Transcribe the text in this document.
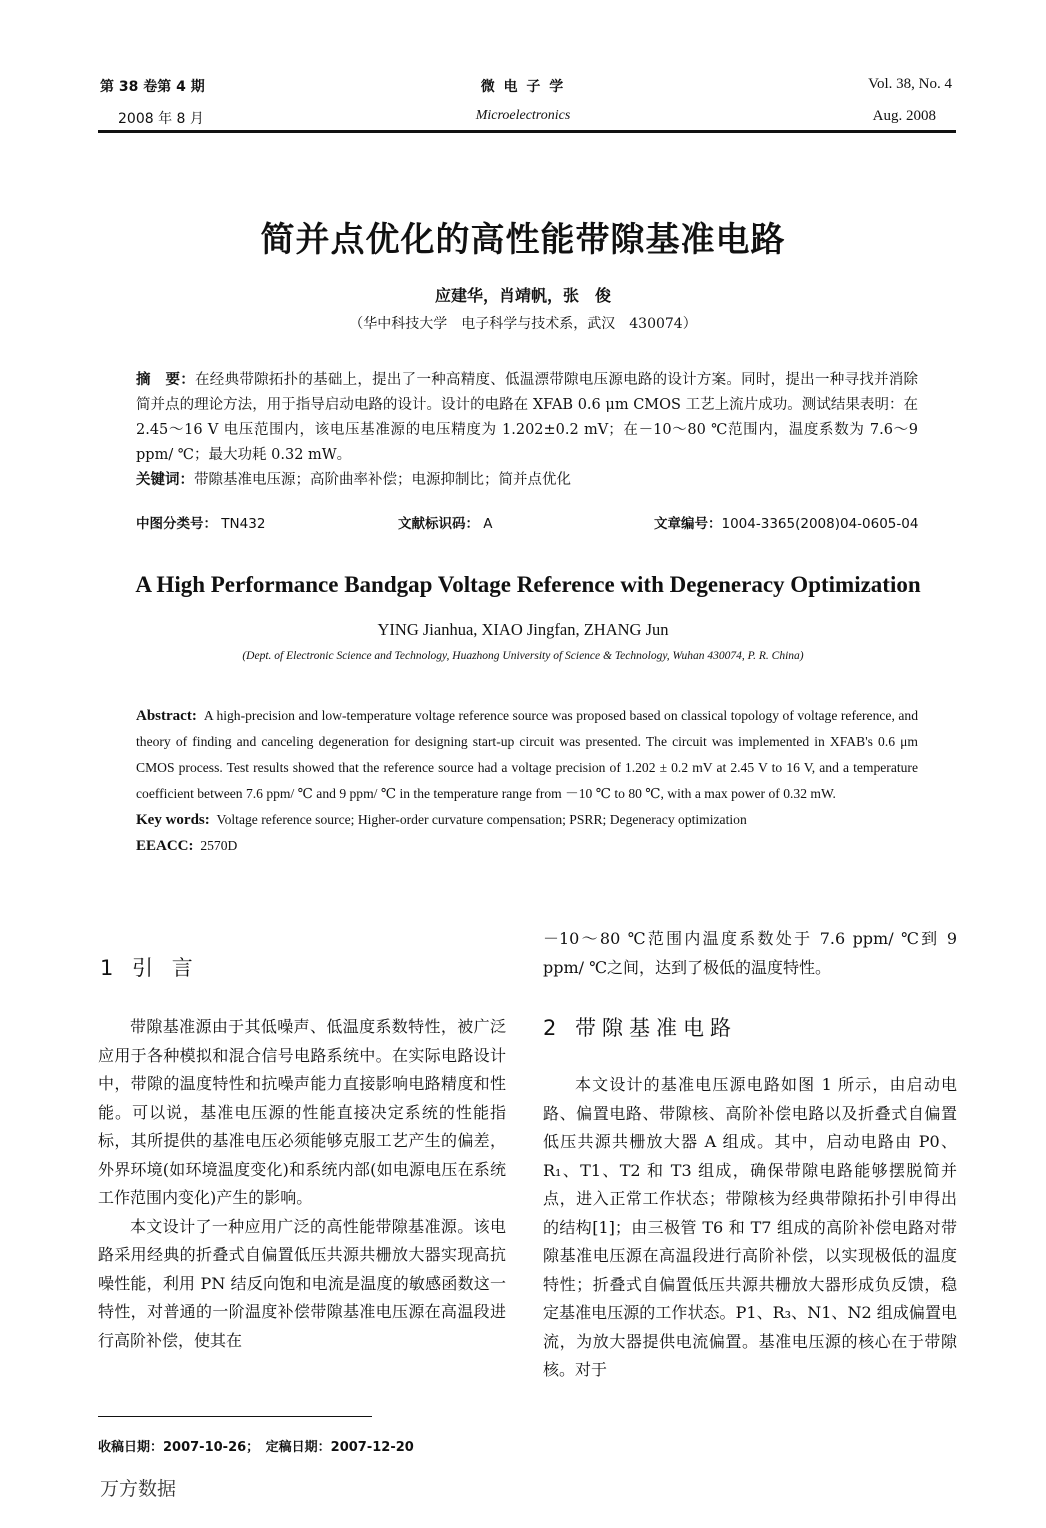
第 38 卷第 4 期
2008 年 8 月
微 电 子 学
Microelectronics
Vol. 38, No. 4
Aug. 2008
简并点优化的高性能带隙基准电路
应建华，肖靖帆，张　俊
（华中科技大学　电子科学与技术系，武汉　430074）

摘　要：在经典带隙拓扑的基础上，提出了一种高精度、低温漂带隙电压源电路的设计方案。同时，提出一种寻找并消除简并点的理论方法，用于指导启动电路的设计。设计的电路在 XFAB 0.6 μm CMOS 工艺上流片成功。测试结果表明：在 2.45～16 V 电压范围内，该电压基准源的电压精度为 1.202±0.2 mV；在－10～80 ℃范围内，温度系数为 7.6～9 ppm/ ℃；最大功耗 0.32 mW。

关键词：带隙基准电压源；高阶曲率补偿；电源抑制比；简并点优化

中图分类号： TN432	文献标识码： A	文章编号：1004-3365(2008)04-0605-04
A High Performance Bandgap Voltage Reference with Degeneracy Optimization
YING Jianhua, XIAO Jingfan, ZHANG Jun
(Dept. of Electronic Science and Technology, Huazhong University of Science & Technology, Wuhan 430074, P. R. China)

Abstract: A high-precision and low-temperature voltage reference source was proposed based on classical topology of voltage reference, and theory of finding and canceling degeneration for designing start-up circuit was presented. The circuit was implemented in XFAB's 0.6 μm CMOS process. Test results showed that the reference source had a voltage precision of 1.202 ± 0.2 mV at 2.45 V to 16 V, and a temperature coefficient between 7.6 ppm/ ℃ and 9 ppm/ ℃ in the temperature range from －10 ℃ to 80 ℃, with a max power of 0.32 mW.

Key words: Voltage reference source; Higher-order curvature compensation; PSRR; Degeneracy optimization

EEACC: 2570D

1 引 言

带隙基准源由于其低噪声、低温度系数特性，被广泛应用于各种模拟和混合信号电路系统中。在实际电路设计中，带隙的温度特性和抗噪声能力直接影响电路精度和性能。可以说，基准电压源的性能直接决定系统的性能指标，其所提供的基准电压必须能够克服工艺产生的偏差，外界环境(如环境温度变化)和系统内部(如电源电压在系统工作范围内变化)产生的影响。

本文设计了一种应用广泛的高性能带隙基准源。该电路采用经典的折叠式自偏置低压共源共栅放大器实现高抗噪性能，利用 PN 结反向饱和电流是温度的敏感函数这一特性，对普通的一阶温度补偿带隙基准电压源在高温段进行高阶补偿，使其在

－10～80 ℃范围内温度系数处于 7.6 ppm/ ℃到 9 ppm/ ℃之间，达到了极低的温度特性。

2 带隙基准电路

本文设计的基准电压源电路如图 1 所示，由启动电路、偏置电路、带隙核、高阶补偿电路以及折叠式自偏置低压共源共栅放大器 A 组成。其中，启动电路由 P0、R₁、T1、T2 和 T3 组成，确保带隙电路能够摆脱简并点，进入正常工作状态；带隙核为经典带隙拓扑引申得出的结构[1]；由三极管 T6 和 T7 组成的高阶补偿电路对带隙基准电压源在高温段进行高阶补偿，以实现极低的温度特性；折叠式自偏置低压共源共栅放大器形成负反馈，稳定基准电压源的工作状态。P1、R₃、N1、N2 组成偏置电流，为放大器提供电流偏置。基准电压源的核心在于带隙核。对于

收稿日期：2007-10-26；　定稿日期：2007-12-20
万方数据
